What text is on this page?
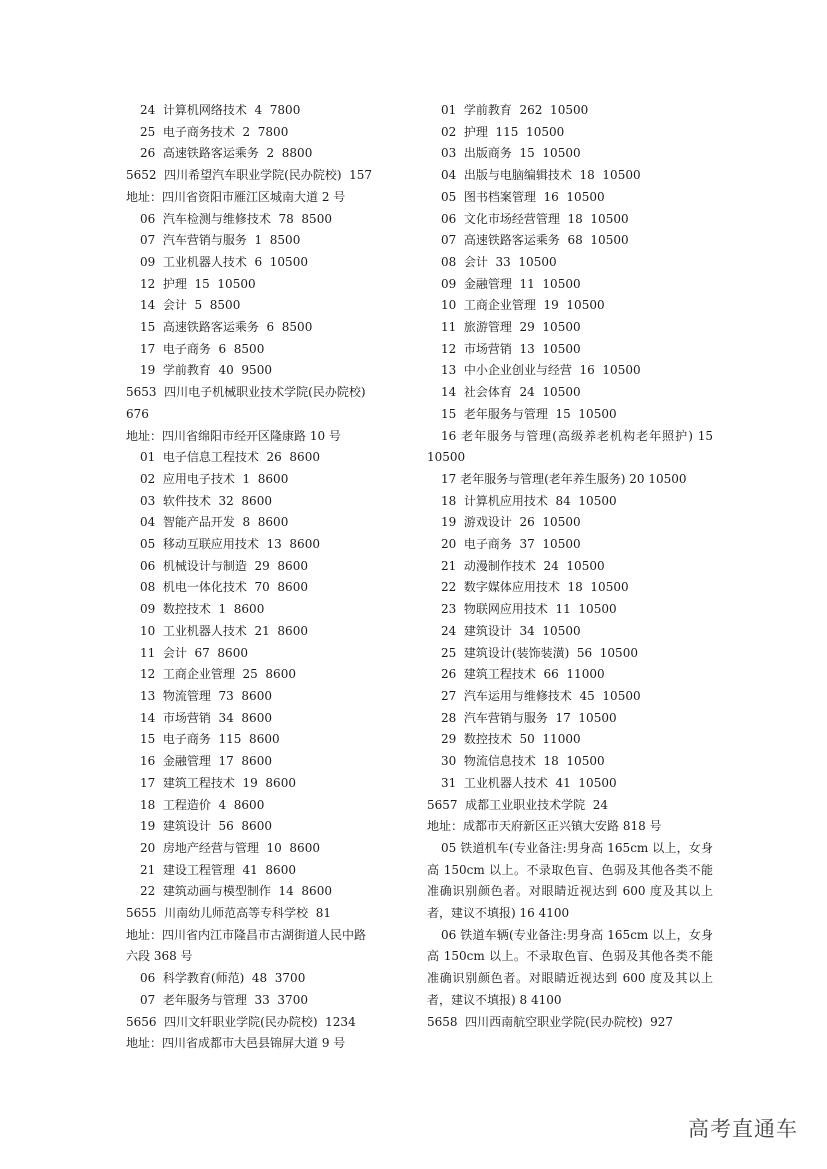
24  计算机网络技术  4  7800
25  电子商务技术  2  7800
26  高速铁路客运乘务  2  8800
5652  四川希望汽车职业学院(民办院校)  157
地址：四川省资阳市雁江区城南大道 2 号
06  汽车检测与维修技术  78  8500
07  汽车营销与服务  1  8500
09  工业机器人技术  6  10500
12  护理  15  10500
14  会计  5  8500
15  高速铁路客运乘务  6  8500
17  电子商务  6  8500
19  学前教育  40  9500
5653  四川电子机械职业技术学院(民办院校)
676
地址：四川省绵阳市经开区隆康路 10 号
01  电子信息工程技术  26  8600
02  应用电子技术  1  8600
03  软件技术  32  8600
04  智能产品开发  8  8600
05  移动互联应用技术  13  8600
06  机械设计与制造  29  8600
08  机电一体化技术  70  8600
09  数控技术  1  8600
10  工业机器人技术  21  8600
11  会计  67  8600
12  工商企业管理  25  8600
13  物流管理  73  8600
14  市场营销  34  8600
15  电子商务  115  8600
16  金融管理  17  8600
17  建筑工程技术  19  8600
18  工程造价  4  8600
19  建筑设计  56  8600
20  房地产经营与管理  10  8600
21  建设工程管理  41  8600
22  建筑动画与模型制作  14  8600
5655  川南幼儿师范高等专科学校  81
地址：四川省内江市隆昌市古湖街道人民中路
六段 368 号
06  科学教育(师范)  48  3700
07  老年服务与管理  33  3700
5656  四川文轩职业学院(民办院校)  1234
地址：四川省成都市大邑县锦屏大道 9 号
01  学前教育  262  10500
02  护理  115  10500
03  出版商务  15  10500
04  出版与电脑编辑技术  18  10500
05  图书档案管理  16  10500
06  文化市场经营管理  18  10500
07  高速铁路客运乘务  68  10500
08  会计  33  10500
09  金融管理  11  10500
10  工商企业管理  19  10500
11  旅游管理  29  10500
12  市场营销  13  10500
13  中小企业创业与经营  16  10500
14  社会体育  24  10500
15  老年服务与管理  15  10500
16 老年服务与管理(高级养老机构老年照护) 15 10500
17 老年服务与管理(老年养生服务) 20 10500
18  计算机应用技术  84  10500
19  游戏设计  26  10500
20  电子商务  37  10500
21  动漫制作技术  24  10500
22  数字媒体应用技术  18  10500
23  物联网应用技术  11  10500
24  建筑设计  34  10500
25  建筑设计(装饰装潢)  56  10500
26  建筑工程技术  66  11000
27  汽车运用与维修技术  45  10500
28  汽车营销与服务  17  10500
29  数控技术  50  11000
30  物流信息技术  18  10500
31  工业机器人技术  41  10500
5657  成都工业职业技术学院  24
地址：成都市天府新区正兴镇大安路 818 号
05 铁道机车(专业备注:男身高 165cm 以上，女身高 150cm 以上。不录取色盲、色弱及其他各类不能准确识别颜色者。对眼睛近视达到 600 度及其以上者，建议不填报) 16 4100
06 铁道车辆(专业备注:男身高 165cm 以上，女身高 150cm 以上。不录取色盲、色弱及其他各类不能准确识别颜色者。对眼睛近视达到 600 度及其以上者，建议不填报) 8 4100
5658  四川西南航空职业学院(民办院校)  927
高考直通车
